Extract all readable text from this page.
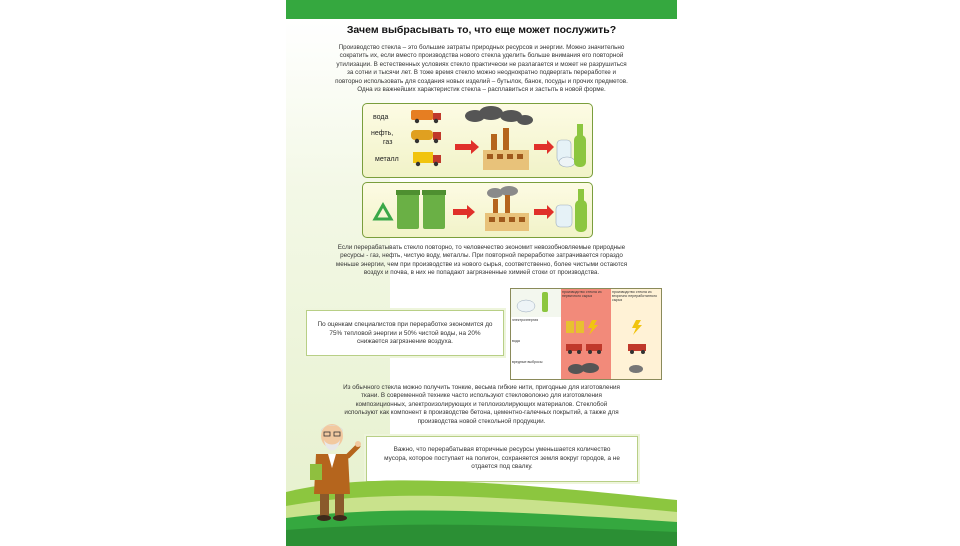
Зачем выбрасывать то, что еще может послужить?
Производство стекла – это большие затраты природных ресурсов и энергии. Можно значительно
сократить их, если вместо производства нового стекла уделить больше внимания его повторной
утилизации. В естественных условиях стекло практически не разлагается и может не разрушиться
за сотни и тысячи лет. В тоже время стекло можно неоднократно подвергать переработке и
повторно использовать для создания новых изделий – бутылок, банок, посуды и прочих предметов.
Одна из важнейших характеристик стекла – расплавиться и застыть в новой форме.
вода
нефть,
газ
металл
Если перерабатывать стекло повторно, то человечество экономит невозобновляемые природные
ресурсы - газ, нефть, чистую воду, металлы. При повторной переработке затрачивается гораздо
меньше энергии, чем при производстве из нового сырья, соответственно, более чистыми остаются
воздух и почва, в них не попадают загрязненные химией стоки от производства.
По оценкам специалистов при переработке экономится до
75% тепловой энергии и 50% чистой воды, на 20%
снижается загрязнение воздуха.
производство стекла из первичного сырья
производство стекла из вторично переработанного сырья
электроэнергия
вода
вредные выбросы
Из обычного стекла можно получить тонкие, весьма гибкие нити, пригодные для изготовления
ткани. В современной технике часто используют стекловолокно для изготовления
композиционных, электроизолирующих и теплоизолирующих материалов. Стеклобой
используют как компонент в производстве бетона, цементно-галечных покрытий, а также для
производства новой стекольной продукции.
Важно, что перерабатывая вторичные ресурсы уменьшается количество
мусора, которое поступает на полигон, сохраняется земля вокруг городов, а не
отдается под свалку.
